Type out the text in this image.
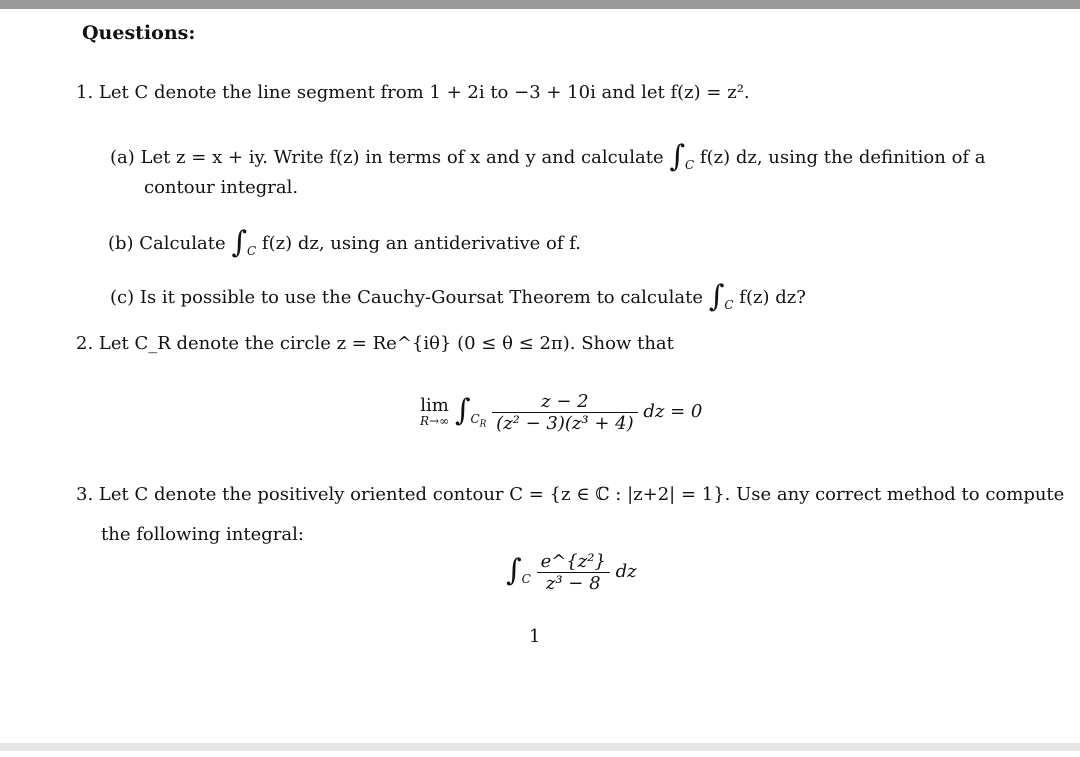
Questions:
1. Let C denote the line segment from 1 + 2i to −3 + 10i and let f(z) = z².
(a) Let z = x + iy. Write f(z) in terms of x and y and calculate $\int_C$ f(z) dz, using the definition of a
contour integral.
(b) Calculate $\int_C$ f(z) dz, using an antiderivative of f.
(c) Is it possible to use the Cauchy-Goursat Theorem to calculate $\int_C$ f(z) dz?
2. Let C_R denote the circle z = Re^{iθ} (0 ≤ θ ≤ 2π). Show that
lim
R→∞ $\int_{C_R} \frac{z - 2}{\text{(z² − 3)(z³ + 4)}}$ dz = 0
3. Let C denote the positively oriented contour C = {z ∈ ℂ : |z+2| = 1}. Use any correct method to compute
the following integral:
$\int_C \frac{\text{e\textasciicircum{}\{z²\}}}{\text{z³ − 8}}$ dz
1
